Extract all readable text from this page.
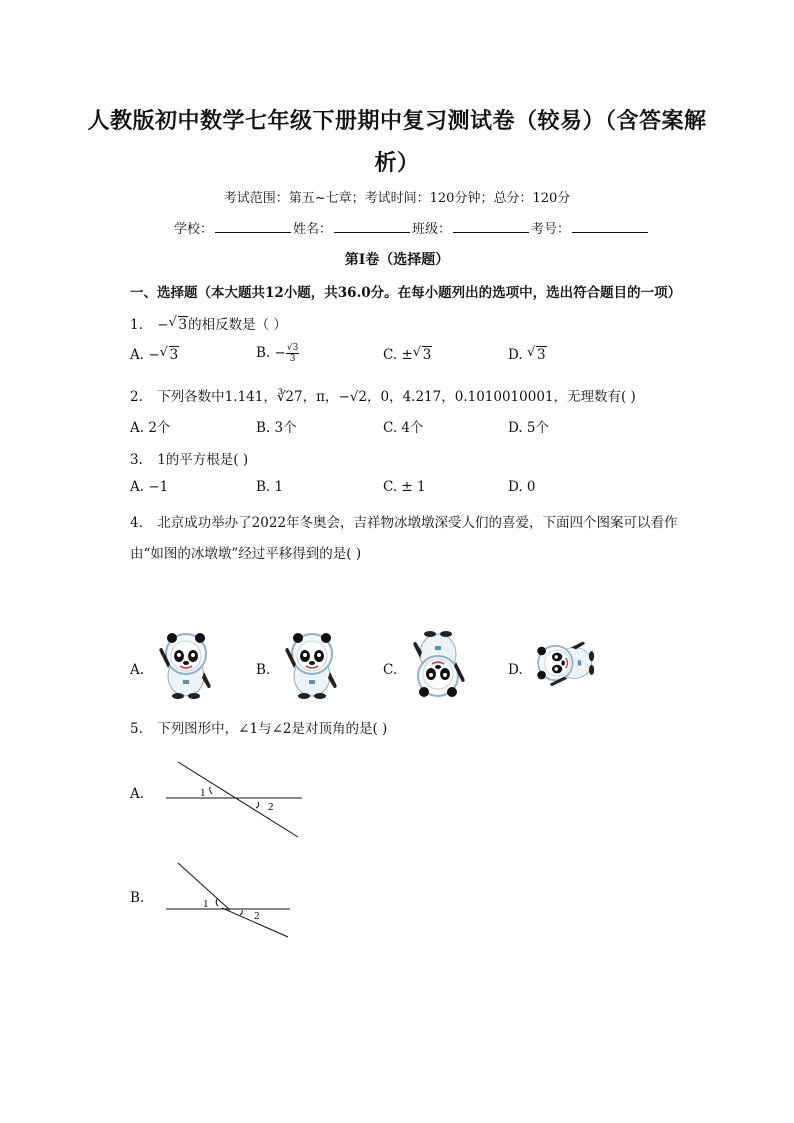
人教版初中数学七年级下册期中复习测试卷（较易）（含答案解
析）
考试范围：第五~七章；考试时间：120分钟；总分：120分
学校：	姓名：	班级：	考号：
第I卷（选择题）
一、选择题（本大题共12小题，共36.0分。在每小题列出的选项中，选出符合题目的一项）
1. − √ 3的相反数是（ ）
A. − √ 3	B. − $\frac{√3}{3}$	C. ± √ 3	D. √ 3
2. 下列各数中1.141，∛27，π，−√2，0，4.217，0.1010010001，无理数有( )
A. 2个	B. 3个	C. 4个	D. 5个
3. 1的平方根是( )
A. −1	B. 1	C. ± 1	D. 0
4. 北京成功举办了2022年冬奥会，吉祥物冰墩墩深受人们的喜爱，下面四个图案可以看作
由“如图的冰墩墩”经过平移得到的是( )
A.	B.	C.	D.
5. 下列图形中，∠1与∠2是对顶角的是( )
A.	1
2
B.	1
2
